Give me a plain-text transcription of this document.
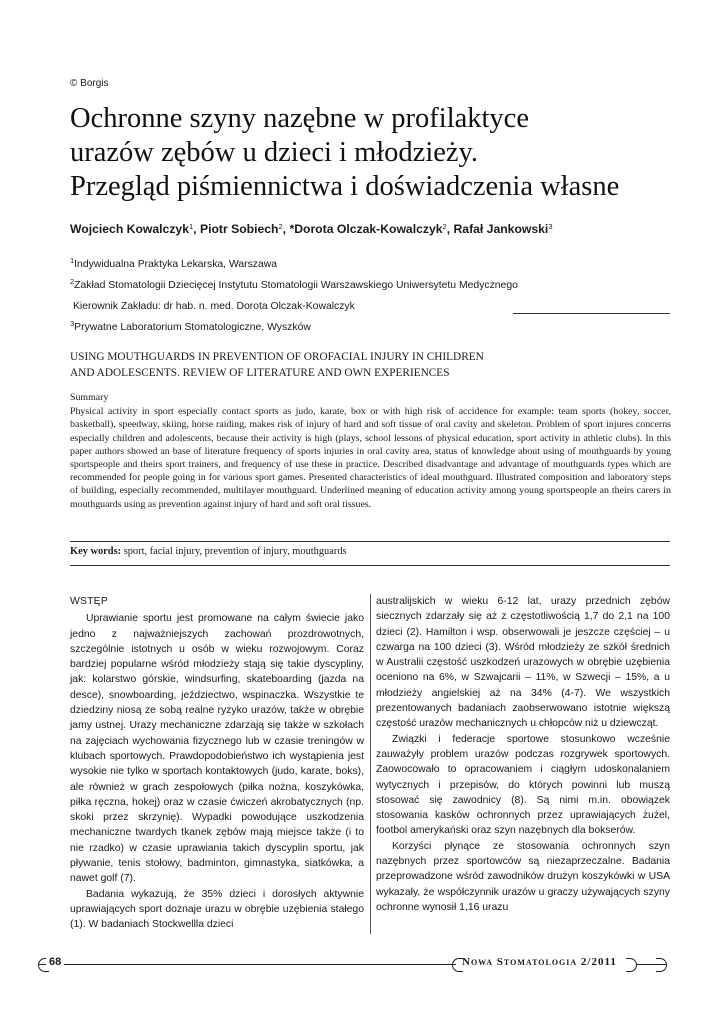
© Borgis
Ochronne szyny nazębne w profilaktyce
urazów zębów u dzieci i młodzieży.
Przegląd piśmiennictwa i doświadczenia własne
Wojciech Kowalczyk$^1$, Piotr Sobiech$^2$, *Dorota Olczak-Kowalczyk$^2$, Rafał Jankowski$^3$
$^1$Indywidualna Praktyka Lekarska, Warszawa
$^2$Zakład Stomatologii Dziecięcej Instytutu Stomatologii Warszawskiego Uniwersytetu Medycznego
Kierownik Zakładu: dr hab. n. med. Dorota Olczak-Kowalczyk
$^3$Prywatne Laboratorium Stomatologiczne, Wyszków
USING MOUTHGUARDS IN PREVENTION OF OROFACIAL INJURY IN CHILDREN
AND ADOLESCENTS. REVIEW OF LITERATURE AND OWN EXPERIENCES
Summary
Physical activity in sport especially contact sports as judo, karate, box or with high risk of accidence for example: team sports (hokey, soccer, basketball), speedway, skiing, horse raiding, makes risk of injury of hard and soft tissue of oral cavity and skeleton. Problem of sport injures concerns especially children and adolescents, because their activity is high (plays, school lessons of physical education, sport activity in athletic clubs). In this paper authors showed an base of literature frequency of sports injuries in oral cavity area, status of knowledge about using of mouthguards by young sportspeople and theirs sport trainers, and frequency of use these in practice. Described disadvantage and advantage of mouthguards types which are recommended for people going in for various sport games. Presented characteristics of ideal mouthguard. Illustrated composition and laboratory steps of building, especially recommended, multilayer mouthguard. Underlined meaning of education activity among young sportspeople an theirs carers in mouthguards using as prevention against injury of hard and soft oral tissues.
Key words: sport, facial injury, prevention of injury, mouthguards
WSTĘP

Uprawianie sportu jest promowane na całym świecie jako jedno z najważniejszych zachowań prozdrowotnych, szczególnie istotnych u osób w wieku rozwojowym. Coraz bardziej popularne wśród młodzieży stają się takie dyscypliny, jak: kolarstwo górskie, windsurfing, skateboarding (jazda na desce), snowboarding, jeździectwo, wspinaczka. Wszystkie te dziedziny niosą ze sobą realne ryzyko urazów, także w obrębie jamy ustnej. Urazy mechaniczne zdarzają się także w szkołach na zajęciach wychowania fizycznego lub w czasie treningów w klubach sportowych. Prawdopodobieństwo ich wystąpienia jest wysokie nie tylko w sportach kontaktowych (judo, karate, boks), ale również w grach zespołowych (piłka nożna, koszykówka, piłka ręczna, hokej) oraz w czasie ćwiczeń akrobatycznych (np. skoki przez skrzynię). Wypadki powodujące uszkodzenia mechaniczne twardych tkanek zębów mają miejsce także (i to nie rzadko) w czasie uprawiania takich dyscyplin sportu, jak pływanie, tenis stołowy, badminton, gimnastyka, siatkówka, a nawet golf (7).

Badania wykazują, że 35% dzieci i dorosłych aktywnie uprawiających sport doznaje urazu w obrębie uzębienia stałego (1). W badaniach Stockwellla dzieci

australijskich w wieku 6-12 lat, urazy przednich zębów siecznych zdarzały się aż z częstotliwością 1,7 do 2,1 na 100 dzieci (2). Hamilton i wsp. obserwowali je jeszcze częściej – u czwarga na 100 dzieci (3). Wśród młodzieży ze szkół średnich w Australii częstość uszkodzeń urazowych w obrębie uzębienia oceniono na 6%, w Szwajcarii – 11%, w Szwecji – 15%, a u młodzieży angielskiej aż na 34% (4-7). We wszystkich prezentowanych badaniach zaobserwowano istotnie większą częstość urazów mechanicznych u chłopców niż u dziewcząt.

Związki i federacje sportowe stosunkowo wcześnie zauważyły problem urazów podczas rozgrywek sportowych. Zaowocowało to opracowaniem i ciągłym udoskonalaniem wytycznych i przepisów, do których powinni lub muszą stosować się zawodnicy (8). Są nimi m.in. obowiązek stosowania kasków ochronnych przez uprawiających żużel, footbol amerykański oraz szyn nazębnych dla bokserów.

Korzyści płynące ze stosowania ochronnych szyn nazębnych przez sportowców są niezaprzeczalne. Badania przeprowadzone wśród zawodników drużyn koszykówki w USA wykazały, że współczynnik urazów u graczy używających szyny ochronne wynosił 1,16 urazu

68	Nowa Stomatologia 2/2011
